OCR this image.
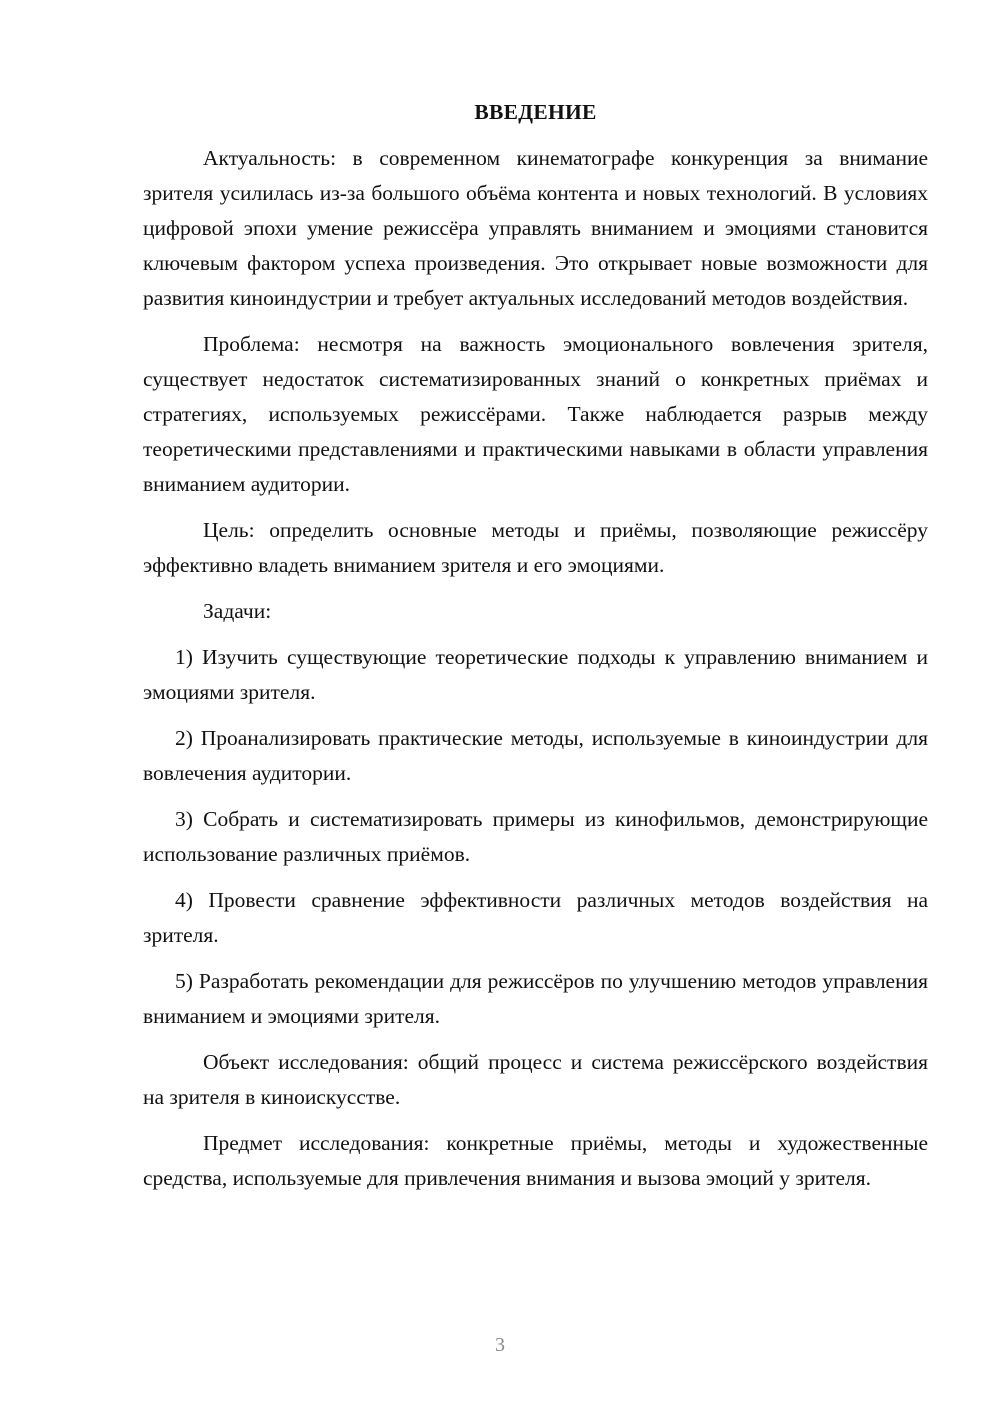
ВВЕДЕНИЕ

Актуальность: в современном кинематографе конкуренция за внимание зрителя усилилась из-за большого объёма контента и новых технологий. В условиях цифровой эпохи умение режиссёра управлять вниманием и эмоциями становится ключевым фактором успеха произведения. Это открывает новые возможности для развития киноиндустрии и требует актуальных исследований методов воздействия.

Проблема: несмотря на важность эмоционального вовлечения зрителя, существует недостаток систематизированных знаний о конкретных приёмах и стратегиях, используемых режиссёрами. Также наблюдается разрыв между теоретическими представлениями и практическими навыками в области управления вниманием аудитории.

Цель: определить основные методы и приёмы, позволяющие режиссёру эффективно владеть вниманием зрителя и его эмоциями.

Задачи:

1) Изучить существующие теоретические подходы к управлению вниманием и эмоциями зрителя.

2) Проанализировать практические методы, используемые в киноиндустрии для вовлечения аудитории.

3) Собрать и систематизировать примеры из кинофильмов, демонстрирующие использование различных приёмов.

4) Провести сравнение эффективности различных методов воздействия на зрителя.

5) Разработать рекомендации для режиссёров по улучшению методов управления вниманием и эмоциями зрителя.

Объект исследования: общий процесс и система режиссёрского воздействия на зрителя в киноискусстве.

Предмет исследования: конкретные приёмы, методы и художественные средства, используемые для привлечения внимания и вызова эмоций у зрителя.

3
